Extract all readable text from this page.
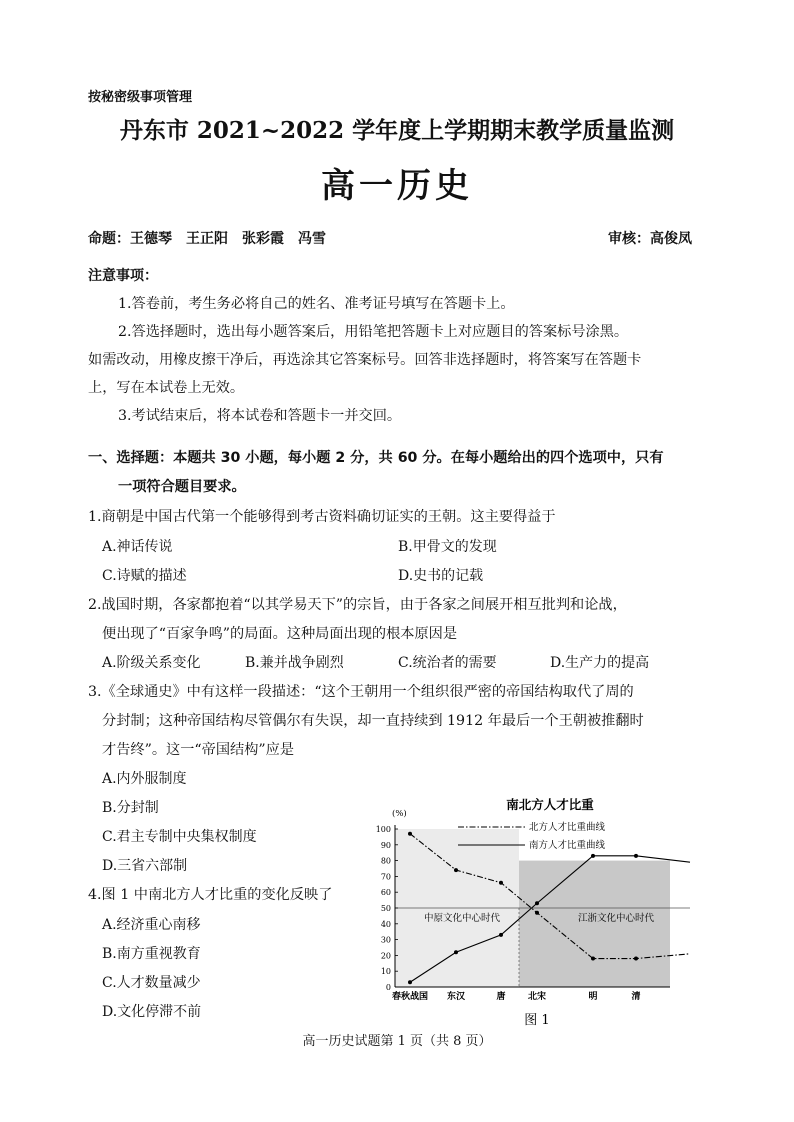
按秘密级事项管理
丹东市 2021~2022 学年度上学期期末教学质量监测
高一历史
命题：王德琴 王正阳 张彩霞 冯雪	审核：高俊凤
注意事项：
1.答卷前，考生务必将自己的姓名、准考证号填写在答题卡上。
2.答选择题时，选出每小题答案后，用铅笔把答题卡上对应题目的答案标号涂黑。
如需改动，用橡皮擦干净后，再选涂其它答案标号。回答非选择题时，将答案写在答题卡
上，写在本试卷上无效。
3.考试结束后，将本试卷和答题卡一并交回。
一、选择题：本题共 30 小题，每小题 2 分，共 60 分。在每小题给出的四个选项中，只有
一项符合题目要求。
1.商朝是中国古代第一个能够得到考古资料确切证实的王朝。这主要得益于
A.神话传说	B.甲骨文的发现
C.诗赋的描述	D.史书的记载
2.战国时期，各家都抱着“以其学易天下”的宗旨，由于各家之间展开相互批判和论战，
便出现了“百家争鸣”的局面。这种局面出现的根本原因是
A.阶级关系变化	B.兼并战争剧烈	C.统治者的需要	D.生产力的提高
3.《全球通史》中有这样一段描述：“这个王朝用一个组织很严密的帝国结构取代了周的
分封制；这种帝国结构尽管偶尔有失误，却一直持续到 1912 年最后一个王朝被推翻时
才告终”。这一“帝国结构”应是
A.内外服制度
B.分封制
C.君主专制中央集权制度
D.三省六部制
4.图 1 中南北方人才比重的变化反映了
A.经济重心南移
B.南方重视教育
C.人才数量减少
D.文化停滞不前
0
10
20
30
40
50
60
70
80
90
100
春秋战国 东汉	唐 北宋	明	清
南北方人才比重
(%)
北方人才比重曲线
南方人才比重曲线
中原文化中心时代	江浙文化中心时代
图 1
高一历史试题第 1 页（共 8 页）
